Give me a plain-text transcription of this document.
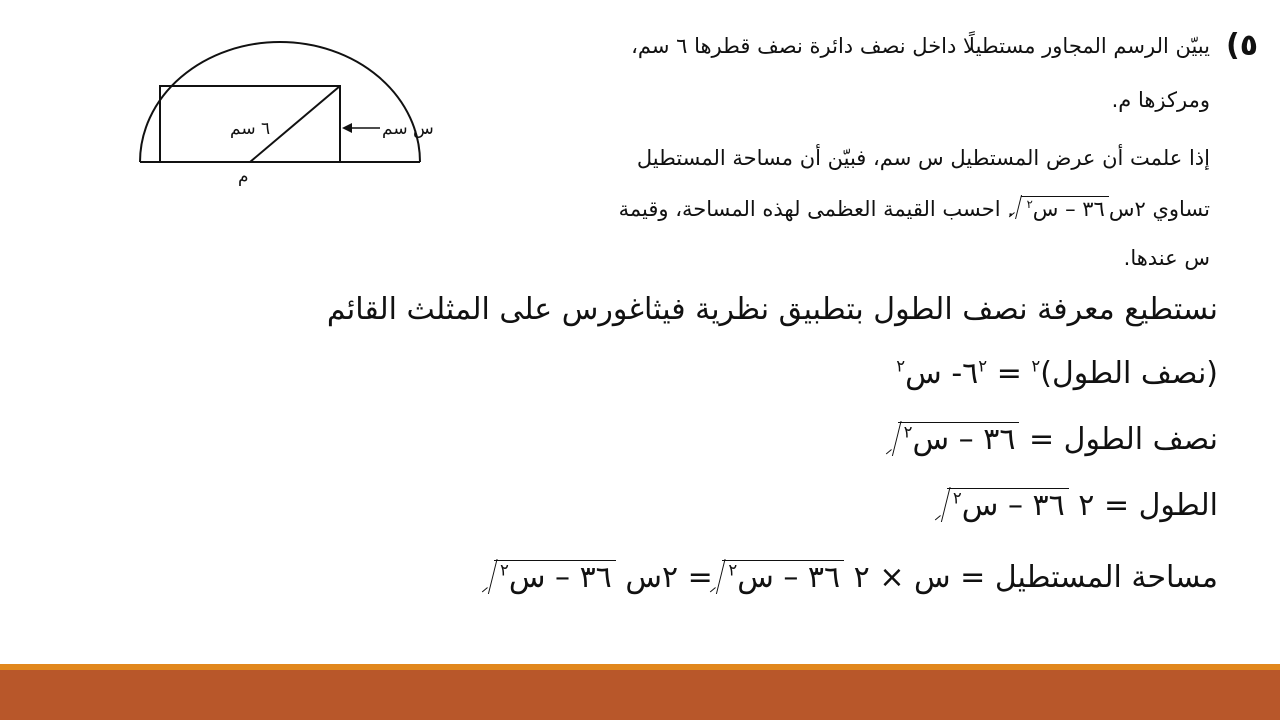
٥)
يبيّن الرسم المجاور مستطيلًا داخل نصف دائرة نصف قطرها ٦ سم،
ومركزها م.
إذا علمت أن عرض المستطيل س سم، فبيّن أن مساحة المستطيل
تساوي ٢س٣٦ – س$^٢$ . احسب القيمة العظمى لهذه المساحة، وقيمة
س عندها.
٦ سم	س سم
م
نستطيع معرفة نصف الطول بتطبيق نظرية فيثاغورس على المثلث القائم
(نصف الطول)$^٢$ = $٦^٢-$ س$^٢$
نصف الطول = ٣٦ – س$^٢$
الطول = ٢ ٣٦ – س$^٢$
مساحة المستطيل = س × ٢ ٣٦ – س$^٢$ = ٢س ٣٦ – س$^٢$
